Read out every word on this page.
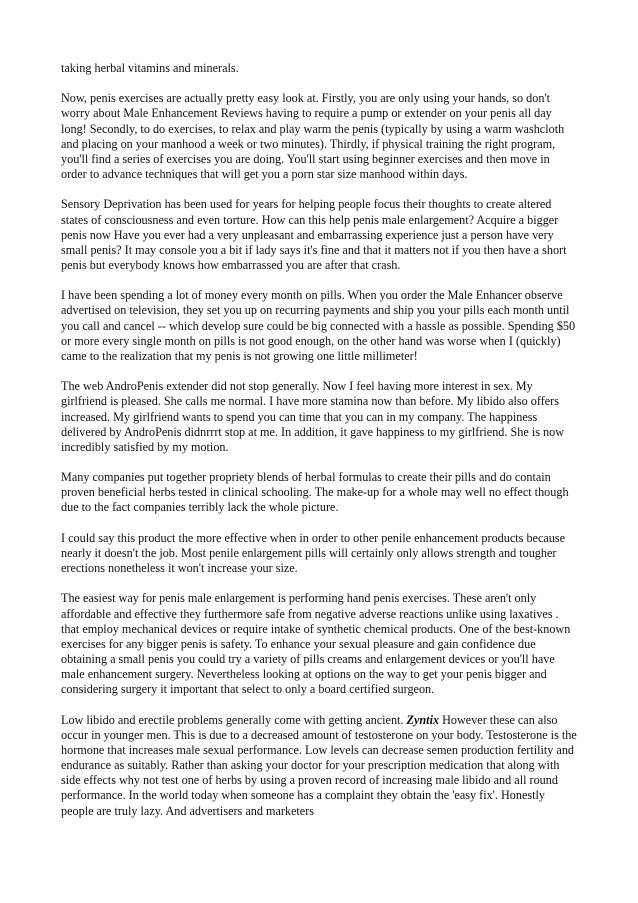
taking herbal vitamins and minerals.

Now, penis exercises are actually pretty easy look at. Firstly, you are only using your hands, so don't worry about Male Enhancement Reviews having to require a pump or extender on your penis all day long! Secondly, to do exercises, to relax and play warm the penis (typically by using a warm washcloth and placing on your manhood a week or two minutes). Thirdly, if physical training the right program, you'll find a series of exercises you are doing. You'll start using beginner exercises and then move in order to advance techniques that will get you a porn star size manhood within days.

Sensory Deprivation has been used for years for helping people focus their thoughts to create altered states of consciousness and even torture. How can this help penis male enlargement? Acquire a bigger penis now Have you ever had a very unpleasant and embarrassing experience just a person have very small penis? It may console you a bit if lady says it's fine and that it matters not if you then have a short penis but everybody knows how embarrassed you are after that crash.

I have been spending a lot of money every month on pills. When you order the Male Enhancer observe advertised on television, they set you up on recurring payments and ship you your pills each month until you call and cancel -- which develop sure could be big connected with a hassle as possible. Spending $50 or more every single month on pills is not good enough, on the other hand was worse when I (quickly) came to the realization that my penis is not growing one little millimeter!

The web AndroPenis extender did not stop generally. Now I feel having more interest in sex. My girlfriend is pleased. She calls me normal. I have more stamina now than before. My libido also offers increased. My girlfriend wants to spend you can time that you can in my company. The happiness delivered by AndroPenis didnrrrt stop at me. In addition, it gave happiness to my girlfriend. She is now incredibly satisfied by my motion.

Many companies put together propriety blends of herbal formulas to create their pills and do contain proven beneficial herbs tested in clinical schooling. The make-up for a whole may well no effect though due to the fact companies terribly lack the whole picture.

I could say this product the more effective when in order to other penile enhancement products because nearly it doesn't the job. Most penile enlargement pills will certainly only allows strength and tougher erections nonetheless it won't increase your size.

The easiest way for penis male enlargement is performing hand penis exercises. These aren't only affordable and effective they furthermore safe from negative adverse reactions unlike using laxatives . that employ mechanical devices or require intake of synthetic chemical products. One of the best-known exercises for any bigger penis is safety. To enhance your sexual pleasure and gain confidence due obtaining a small penis you could try a variety of pills creams and enlargement devices or you'll have male enhancement surgery. Nevertheless looking at options on the way to get your penis bigger and considering surgery it important that select to only a board certified surgeon.

Low libido and erectile problems generally come with getting ancient. Zyntix However these can also occur in younger men. This is due to a decreased amount of testosterone on your body. Testosterone is the hormone that increases male sexual performance. Low levels can decrease semen production fertility and endurance as suitably. Rather than asking your doctor for your prescription medication that along with side effects why not test one of herbs by using a proven record of increasing male libido and all round performance. In the world today when someone has a complaint they obtain the 'easy fix'. Honestly people are truly lazy. And advertisers and marketers
